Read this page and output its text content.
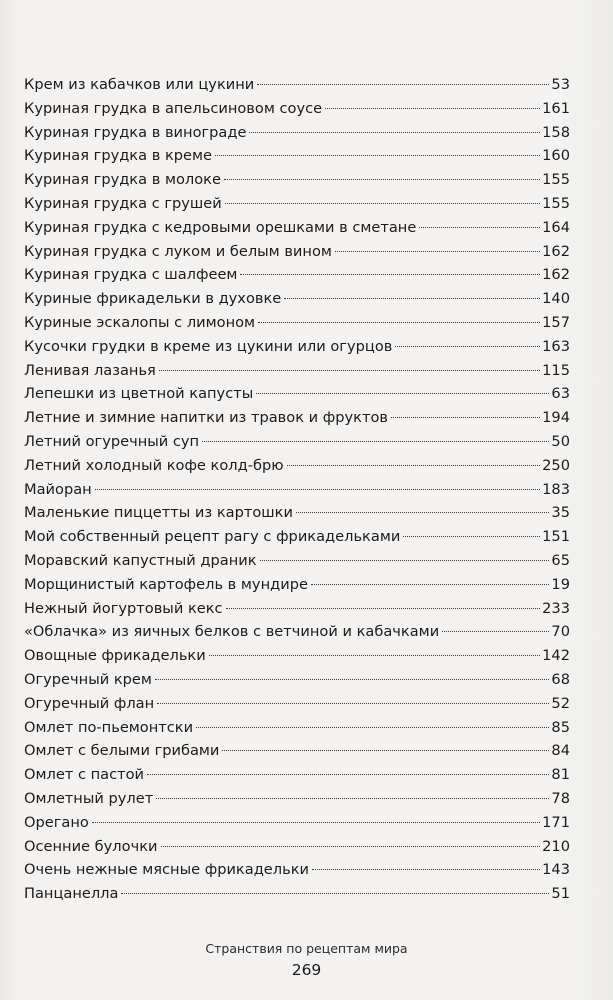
Крем из кабачков или цукини	53
Куриная грудка в апельсиновом соусе	161
Куриная грудка в винограде	158
Куриная грудка в креме	160
Куриная грудка в молоке	155
Куриная грудка с грушей	155
Куриная грудка с кедровыми орешками в сметане	164
Куриная грудка с луком и белым вином	162
Куриная грудка с шалфеем	162
Куриные фрикадельки в духовке	140
Куриные эскалопы с лимоном	157
Кусочки грудки в креме из цукини или огурцов	163
Ленивая лазанья	115
Лепешки из цветной капусты	63
Летние и зимние напитки из травок и фруктов	194
Летний огуречный суп	50
Летний холодный кофе колд-брю	250
Майоран	183
Маленькие пиццетты из картошки	35
Мой собственный рецепт рагу с фрикадельками	151
Моравский капустный драник	65
Морщинистый картофель в мундире	19
Нежный йогуртовый кекс	233
«Облачка» из яичных белков с ветчиной и кабачками	70
Овощные фрикадельки	142
Огуречный крем	68
Огуречный флан	52
Омлет по-пьемонтски	85
Омлет с белыми грибами	84
Омлет с пастой	81
Омлетный рулет	78
Орегано	171
Осенние булочки	210
Очень нежные мясные фрикадельки	143
Панцанелла	51
Странствия по рецептам мира
269
